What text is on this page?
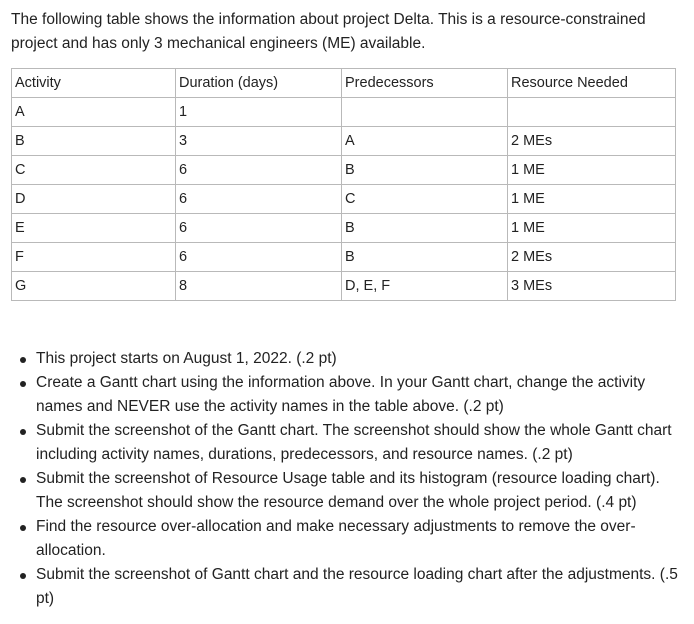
The following table shows the information about project Delta. This is a resource-constrained project and has only 3 mechanical engineers (ME) available.

Activity	Duration (days)	Predecessors	Resource Needed
A	1		
B	3	A	2 MEs
C	6	B	1 ME
D	6	C	1 ME
E	6	B	1 ME
F	6	B	2 MEs
G	8	D, E, F	3 MEs
This project starts on August 1, 2022. (.2 pt)
Create a Gantt chart using the information above. In your Gantt chart, change the activity names and NEVER use the activity names in the table above. (.2 pt)
Submit the screenshot of the Gantt chart. The screenshot should show the whole Gantt chart including activity names, durations, predecessors, and resource names. (.2 pt)
Submit the screenshot of Resource Usage table and its histogram (resource loading chart). The screenshot should show the resource demand over the whole project period. (.4 pt)
Find the resource over-allocation and make necessary adjustments to remove the over-allocation.
Submit the screenshot of Gantt chart and the resource loading chart after the adjustments. (.5 pt)
